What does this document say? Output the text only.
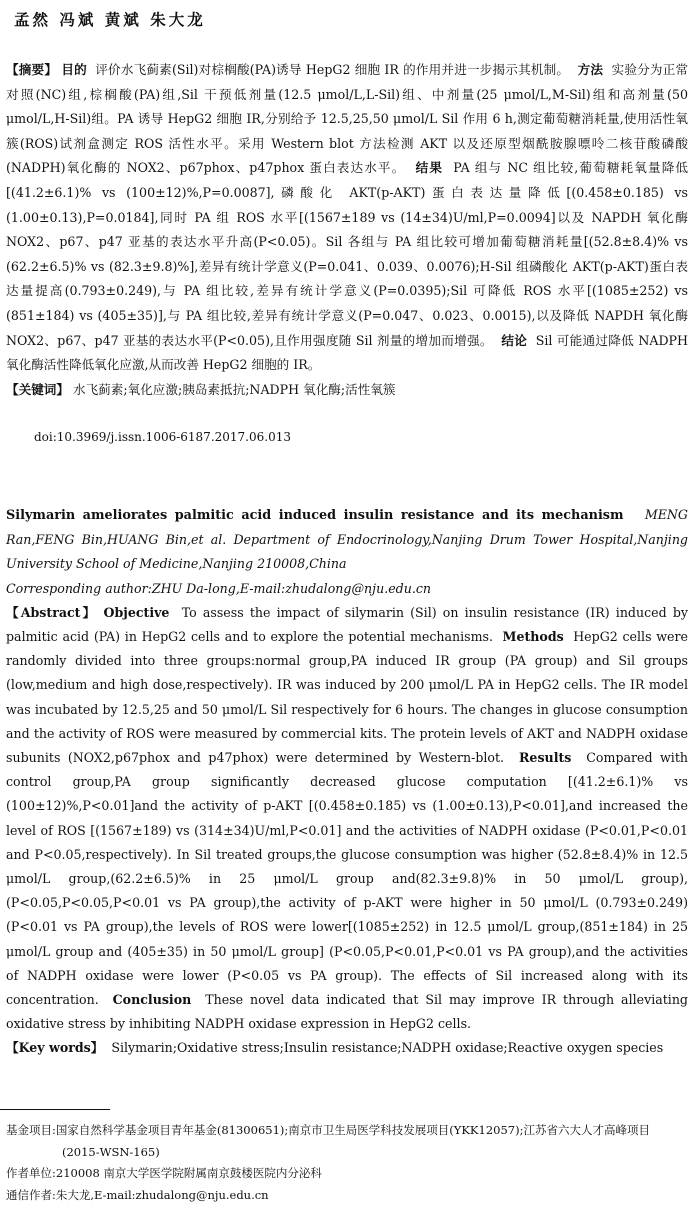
孟然 冯斌 黄斌 朱大龙

【摘要】 目的 评价水飞蓟素(Sil)对棕榈酸(PA)诱导 HepG2 细胞 IR 的作用并进一步揭示其机制。 方法 实验分为正常对照(NC)组,棕榈酸(PA)组,Sil 干预低剂量(12.5 μmol/L,L-Sil)组、中剂量(25 μmol/L,M-Sil)组和高剂量(50 μmol/L,H-Sil)组。PA 诱导 HepG2 细胞 IR,分别给予 12.5,25,50 μmol/L Sil 作用 6 h,测定葡萄糖消耗量,使用活性氧簇(ROS)试剂盒测定 ROS 活性水平。采用 Western blot 方法检测 AKT 以及还原型烟酰胺腺嘌呤二核苷酸磷酸(NADPH)氧化酶的 NOX2、p67phox、p47phox 蛋白表达水平。 结果 PA 组与 NC 组比较,葡萄糖耗氧量降低[(41.2±6.1)% vs (100±12)%,P=0.0087],磷酸化 AKT(p-AKT)蛋白表达量降低[(0.458±0.185) vs (1.00±0.13),P=0.0184],同时 PA 组 ROS 水平[(1567±189 vs (14±34)U/ml,P=0.0094]以及 NAPDH 氧化酶 NOX2、p67、p47 亚基的表达水平升高(P<0.05)。Sil 各组与 PA 组比较可增加葡萄糖消耗量[(52.8±8.4)% vs (62.2±6.5)% vs (82.3±9.8)%],差异有统计学意义(P=0.041、0.039、0.0076);H-Sil 组磷酸化 AKT(p-AKT)蛋白表达量提高(0.793±0.249),与 PA 组比较,差异有统计学意义(P=0.0395);Sil 可降低 ROS 水平[(1085±252) vs (851±184) vs (405±35)],与 PA 组比较,差异有统计学意义(P=0.047、0.023、0.0015),以及降低 NAPDH 氧化酶 NOX2、p67、p47 亚基的表达水平(P<0.05),且作用强度随 Sil 剂量的增加而增强。 结论 Sil 可能通过降低 NADPH 氧化酶活性降低氧化应激,从而改善 HepG2 细胞的 IR。

【关键词】 水飞蓟素;氧化应激;胰岛素抵抗;NADPH 氧化酶;活性氧簇

doi:10.3969/j.issn.1006-6187.2017.06.013

Silymarin ameliorates palmitic acid induced insulin resistance and its mechanism MENG Ran,FENG Bin,HUANG Bin,et al. Department of Endocrinology,Nanjing Drum Tower Hospital,Nanjing University School of Medicine,Nanjing 210008,China

Corresponding author:ZHU Da-long,E-mail:zhudalong@nju.edu.cn

【Abstract】 Objective To assess the impact of silymarin (Sil) on insulin resistance (IR) induced by palmitic acid (PA) in HepG2 cells and to explore the potential mechanisms. Methods HepG2 cells were randomly divided into three groups:normal group,PA induced IR group (PA group) and Sil groups (low,medium and high dose,respectively). IR was induced by 200 μmol/L PA in HepG2 cells. The IR model was incubated by 12.5,25 and 50 μmol/L Sil respectively for 6 hours. The changes in glucose consumption and the activity of ROS were measured by commercial kits. The protein levels of AKT and NADPH oxidase subunits (NOX2,p67phox and p47phox) were determined by Western-blot. Results Compared with control group,PA group significantly decreased glucose computation [(41.2±6.1)% vs (100±12)%,P<0.01]and the activity of p-AKT [(0.458±0.185) vs (1.00±0.13),P<0.01],and increased the level of ROS [(1567±189) vs (314±34)U/ml,P<0.01] and the activities of NADPH oxidase (P<0.01,P<0.01 and P<0.05,respectively). In Sil treated groups,the glucose consumption was higher (52.8±8.4)% in 12.5 μmol/L group,(62.2±6.5)% in 25 μmol/L group and(82.3±9.8)% in 50 μmol/L group),(P<0.05,P<0.05,P<0.01 vs PA group),the activity of p-AKT were higher in 50 μmol/L (0.793±0.249) (P<0.01 vs PA group),the levels of ROS were lower[(1085±252) in 12.5 μmol/L group,(851±184) in 25 μmol/L group and (405±35) in 50 μmol/L group] (P<0.05,P<0.01,P<0.01 vs PA group),and the activities of NADPH oxidase were lower (P<0.05 vs PA group). The effects of Sil increased along with its concentration. Conclusion These novel data indicated that Sil may improve IR through alleviating oxidative stress by inhibiting NADPH oxidase expression in HepG2 cells.

【Key words】 Silymarin;Oxidative stress;Insulin resistance;NADPH oxidase;Reactive oxygen species

基金项目:国家自然科学基金项目青年基金(81300651);南京市卫生局医学科技发展项目(YKK12057);江苏省六大人才高峰项目(2015-WSN-165)

作者单位:210008 南京大学医学院附属南京鼓楼医院内分泌科

通信作者:朱大龙,E-mail:zhudalong@nju.edu.cn
